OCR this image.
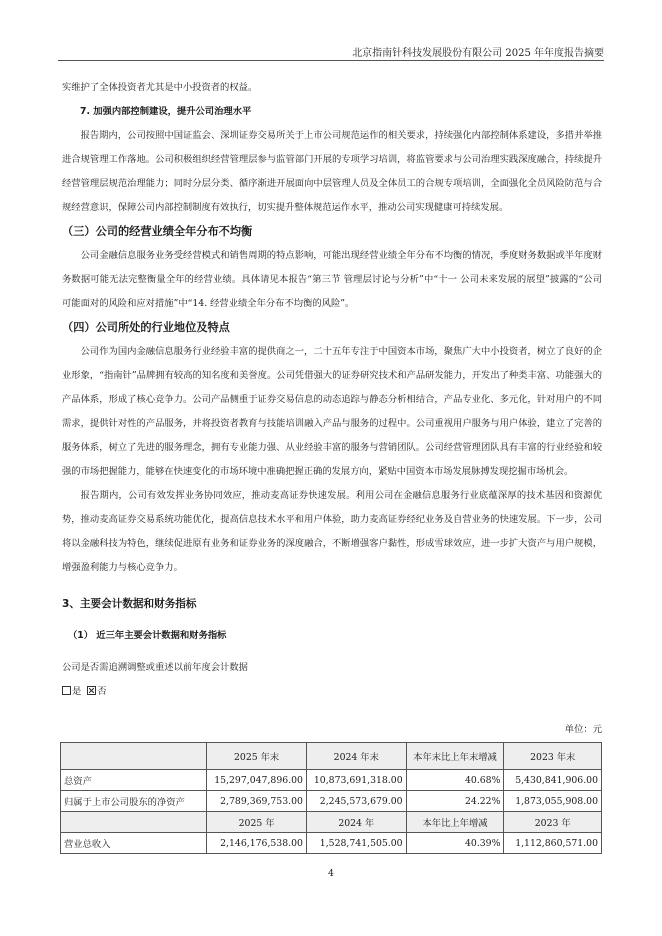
北京指南针科技发展股份有限公司 2025 年年度报告摘要

实维护了全体投资者尤其是中小投资者的权益。

7. 加强内部控制建设，提升公司治理水平

报告期内，公司按照中国证监会、深圳证券交易所关于上市公司规范运作的相关要求，持续强化内部控制体系建设，多措并举推进合规管理工作落地。公司积极组织经营管理层参与监管部门开展的专项学习培训，将监管要求与公司治理实践深度融合，持续提升经营管理层规范治理能力；同时分层分类、循序渐进开展面向中层管理人员及全体员工的合规专项培训，全面强化全员风险防范与合规经营意识，保障公司内部控制制度有效执行，切实提升整体规范运作水平，推动公司实现健康可持续发展。

（三）公司的经营业绩全年分布不均衡

公司金融信息服务业务受经营模式和销售周期的特点影响，可能出现经营业绩全年分布不均衡的情况，季度财务数据或半年度财务数据可能无法完整衡量全年的经营业绩。具体请见本报告“第三节 管理层讨论与分析”中“十一 公司未来发展的展望”披露的“公司可能面对的风险和应对措施”中“14. 经营业绩全年分布不均衡的风险”。

（四）公司所处的行业地位及特点

公司作为国内金融信息服务行业经验丰富的提供商之一，二十五年专注于中国资本市场，聚焦广大中小投资者，树立了良好的企业形象，“指南针”品牌拥有较高的知名度和美誉度。公司凭借强大的证券研究技术和产品研发能力，开发出了种类丰富、功能强大的产品体系，形成了核心竞争力。公司产品侧重于证券交易信息的动态追踪与静态分析相结合，产品专业化、多元化，针对用户的不同需求，提供针对性的产品服务，并将投资者教育与技能培训融入产品与服务的过程中。公司重视用户服务与用户体验，建立了完善的服务体系，树立了先进的服务理念，拥有专业能力强、从业经验丰富的服务与营销团队。公司经营管理团队具有丰富的行业经验和较强的市场把握能力，能够在快速变化的市场环境中准确把握正确的发展方向，紧贴中国资本市场发展脉搏发现挖掘市场机会。

报告期内，公司有效发挥业务协同效应，推动麦高证券快速发展。利用公司在金融信息服务行业底蕴深厚的技术基因和资源优势，推动麦高证券交易系统功能优化，提高信息技术水平和用户体验，助力麦高证券经纪业务及自营业务的快速发展。下一步，公司将以金融科技为特色，继续促进原有业务和证券业务的深度融合，不断增强客户黏性，形成雪球效应，进一步扩大资产与用户规模，增强盈利能力与核心竞争力。

3、主要会计数据和财务指标
（1） 近三年主要会计数据和财务指标
公司是否需追溯调整或重述以前年度会计数据
是 否
单位：元
	2025 年末	2024 年末	本年末比上年末增减	2023 年末
总资产	15,297,047,896.00	10,873,691,318.00	40.68%	5,430,841,906.00
归属于上市公司股东的净资产	2,789,369,753.00	2,245,573,679.00	24.22%	1,873,055,908.00
	2025 年	2024 年	本年比上年增减	2023 年
营业总收入	2,146,176,538.00	1,528,741,505.00	40.39%	1,112,860,571.00
4
